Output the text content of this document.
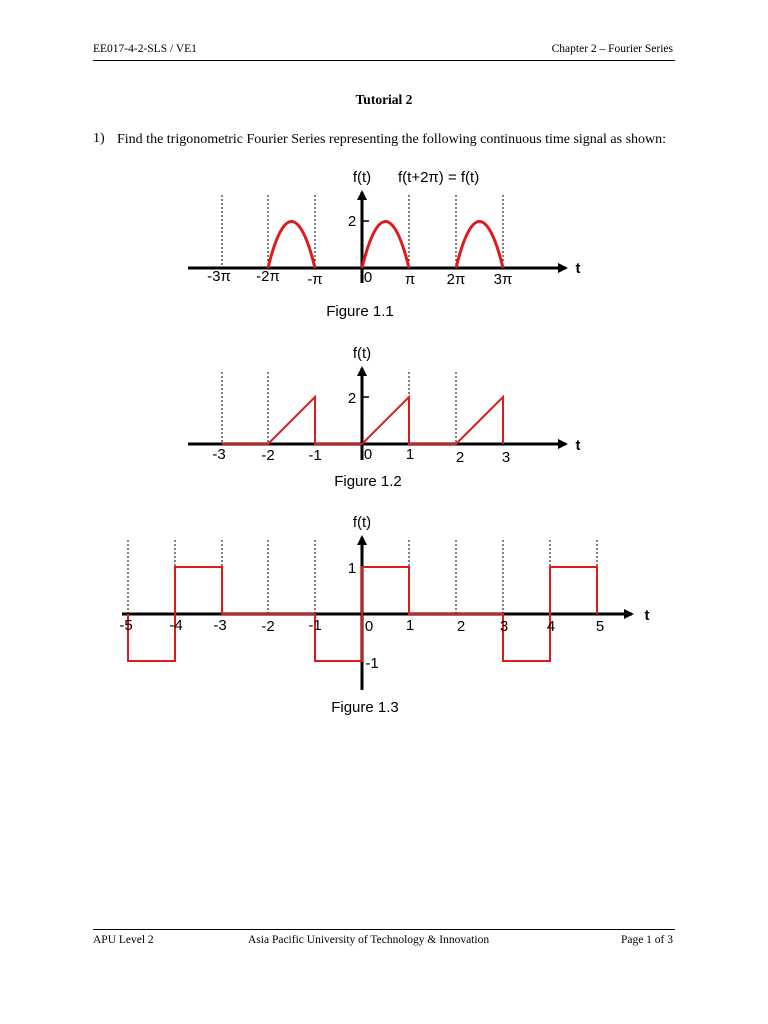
EE017-4-2-SLS / VE1	Chapter 2 – Fourier Series
Tutorial 2
1) Find the trigonometric Fourier Series representing the following continuous time signal as shown:
f(t) f(t+2π) = f(t)
2
t
-3π -2π -π	0 π 2π 3π
Figure 1.1
f(t)
2
t
-3 -2 -1	0 1	2	3
Figure 1.2
f(t)
1
-1
t
-5 -4 -3 -2 -1	0 1	2 3	4	5
Figure 1.3
APU Level 2	Asia Pacific University of Technology & Innovation	Page 1 of 3
